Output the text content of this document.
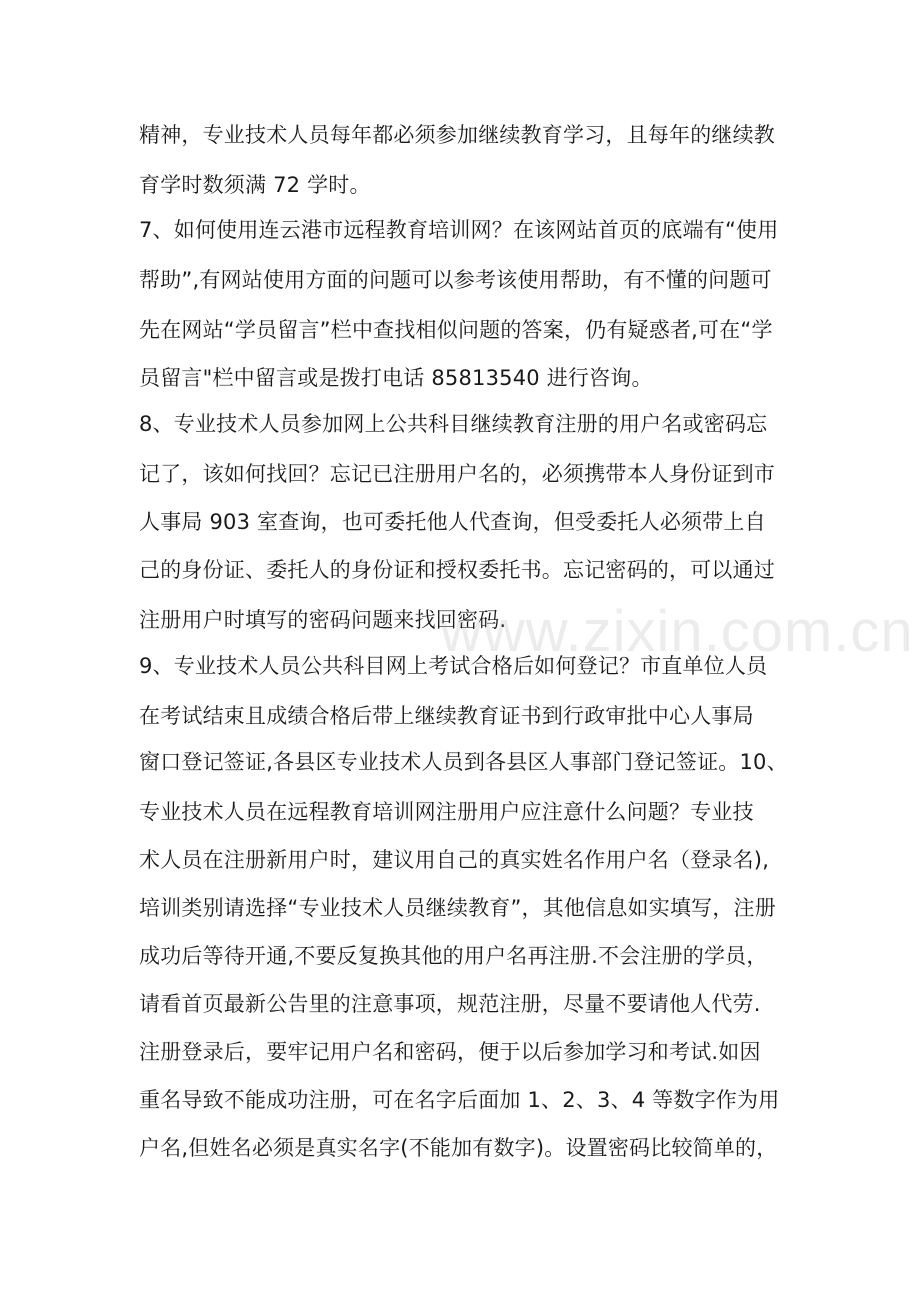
精神，专业技术人员每年都必须参加继续教育学习，且每年的继续教
育学时数须满 72 学时。
7、如何使用连云港市远程教育培训网？在该网站首页的底端有“使用
帮助”,有网站使用方面的问题可以参考该使用帮助，有不懂的问题可
先在网站“学员留言”栏中查找相似问题的答案，仍有疑惑者,可在“学
员留言"栏中留言或是拨打电话 85813540 进行咨询。
8、专业技术人员参加网上公共科目继续教育注册的用户名或密码忘
记了，该如何找回？忘记已注册用户名的，必须携带本人身份证到市
人事局 903 室查询，也可委托他人代查询，但受委托人必须带上自
己的身份证、委托人的身份证和授权委托书。忘记密码的，可以通过
注册用户时填写的密码问题来找回密码.
9、专业技术人员公共科目网上考试合格后如何登记？市直单位人员
在考试结束且成绩合格后带上继续教育证书到行政审批中心人事局
窗口登记签证,各县区专业技术人员到各县区人事部门登记签证。10、
专业技术人员在远程教育培训网注册用户应注意什么问题？专业技
术人员在注册新用户时，建议用自己的真实姓名作用户名（登录名),
培训类别请选择“专业技术人员继续教育”，其他信息如实填写，注册
成功后等待开通,不要反复换其他的用户名再注册.不会注册的学员，
请看首页最新公告里的注意事项，规范注册，尽量不要请他人代劳.
注册登录后，要牢记用户名和密码，便于以后参加学习和考试.如因
重名导致不能成功注册，可在名字后面加 1、2、3、4 等数字作为用
户名,但姓名必须是真实名字(不能加有数字)。设置密码比较简单的，
www.zixin.com.cn
